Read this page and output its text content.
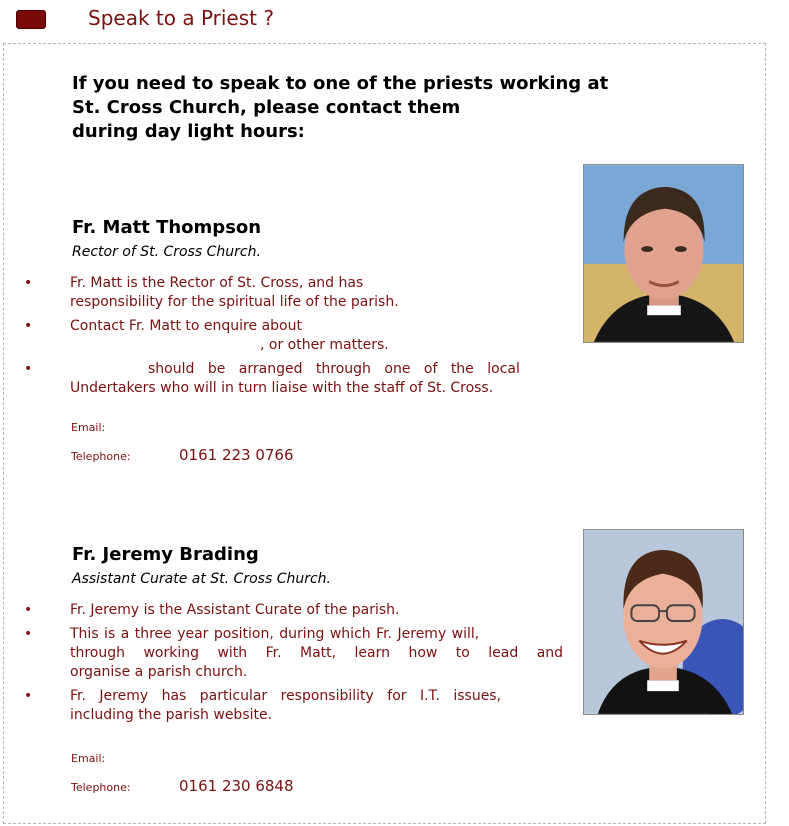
Speak to a Priest ?
If you need to speak to one of the priests working at
St. Cross Church, please contact them
during day light hours:
Fr. Matt Thompson
Rector of St. Cross Church.
•	Fr. Matt is the Rector of St. Cross, and has
responsibility for the spiritual life of the parish.
•	Contact Fr. Matt to enquire about
, or other matters.
•	should be arranged through one of the local
Undertakers who will in turn liaise with the staff of St. Cross.
Email:
Telephone:	0161 223 0766
Fr. Jeremy Brading
Assistant Curate at St. Cross Church.
•	Fr. Jeremy is the Assistant Curate of the parish.
•	This is a three year position, during which Fr. Jeremy will,
through working with Fr. Matt, learn how to lead and
organise a parish church.
•	Fr. Jeremy has particular responsibility for I.T. issues,
including the parish website.
Email:
Telephone:	0161 230 6848
